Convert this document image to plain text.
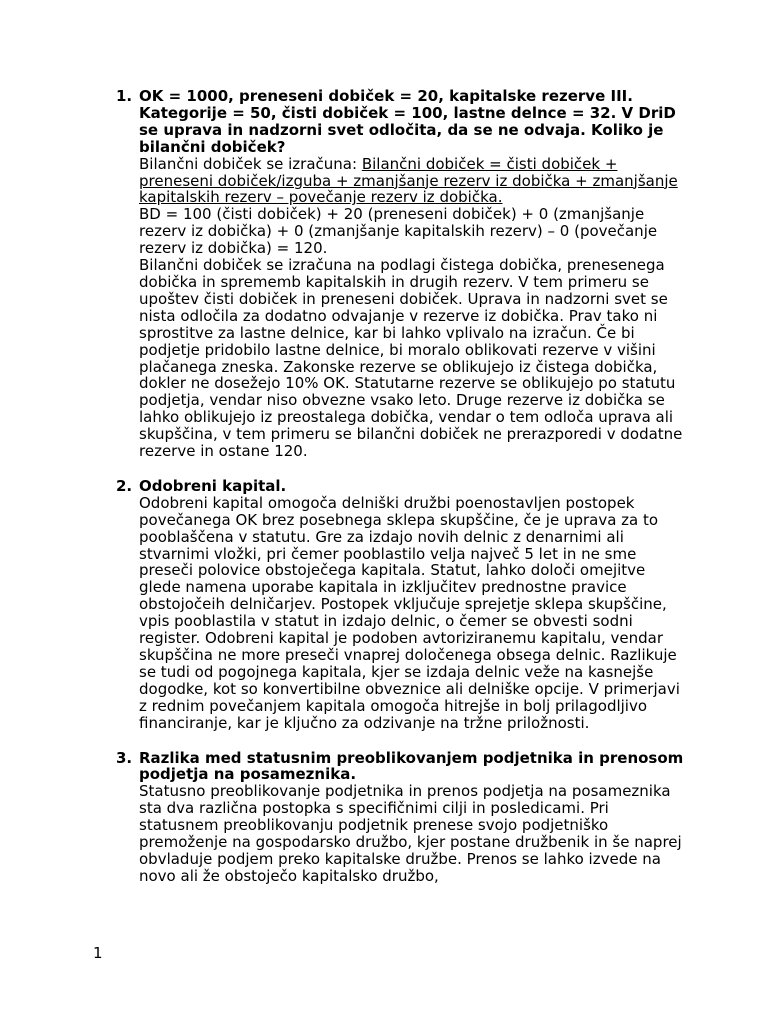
1. OK = 1000, preneseni dobiček = 20, kapitalske rezerve III. Kategorije = 50, čisti dobiček = 100, lastne delnce = 32. V DriD se uprava in nadzorni svet odločita, da se ne odvaja. Koliko je bilančni dobiček?
Bilančni dobiček se izračuna: Bilančni dobiček = čisti dobiček + preneseni dobiček/izguba + zmanjšanje rezerv iz dobička + zmanjšanje kapitalskih rezerv – povečanje rezerv iz dobička.
BD = 100 (čisti dobiček) + 20 (preneseni dobiček) + 0 (zmanjšanje rezerv iz dobička) + 0 (zmanjšanje kapitalskih rezerv) – 0 (povečanje rezerv iz dobička) = 120.
Bilančni dobiček se izračuna na podlagi čistega dobička, prenesenega dobička in sprememb kapitalskih in drugih rezerv. V tem primeru se upoštev čisti dobiček in preneseni dobiček. Uprava in nadzorni svet se nista odločila za dodatno odvajanje v rezerve iz dobička. Prav tako ni sprostitve za lastne delnice, kar bi lahko vplivalo na izračun. Če bi podjetje pridobilo lastne delnice, bi moralo oblikovati rezerve v višini plačanega zneska. Zakonske rezerve se oblikujejo iz čistega dobička, dokler ne dosežejo 10% OK. Statutarne rezerve se oblikujejo po statutu podjetja, vendar niso obvezne vsako leto. Druge rezerve iz dobička se lahko oblikujejo iz preostalega dobička, vendar o tem odloča uprava ali skupščina, v tem primeru se bilančni dobiček ne prerazporedi v dodatne rezerve in ostane 120.
2. Odobreni kapital.
Odobreni kapital omogoča delniški družbi poenostavljen postopek povečanega OK brez posebnega sklepa skupščine, če je uprava za to pooblaščena v statutu. Gre za izdajo novih delnic z denarnimi ali stvarnimi vložki, pri čemer pooblastilo velja največ 5 let in ne sme preseči polovice obstoječega kapitala. Statut, lahko določi omejitve glede namena uporabe kapitala in izključitev prednostne pravice obstojočeih delničarjev. Postopek vključuje sprejetje sklepa skupščine, vpis pooblastila v statut in izdajo delnic, o čemer se obvesti sodni register. Odobreni kapital je podoben avtoriziranemu kapitalu, vendar skupščina ne more preseči vnaprej določenega obsega delnic. Razlikuje se tudi od pogojnega kapitala, kjer se izdaja delnic veže na kasnejše dogodke, kot so konvertibilne obveznice ali delniške opcije. V primerjavi z rednim povečanjem kapitala omogoča hitrejše in bolj prilagodljivo financiranje, kar je ključno za odzivanje na tržne priložnosti.
3. Razlika med statusnim preoblikovanjem podjetnika in prenosom podjetja na posameznika.
Statusno preoblikovanje podjetnika in prenos podjetja na posameznika sta dva različna postopka s specifičnimi cilji in posledicami. Pri statusnem preoblikovanju podjetnik prenese svojo podjetniško premoženje na gospodarsko družbo, kjer postane družbenik in še naprej obvladuje podjem preko kapitalske družbe. Prenos se lahko izvede na novo ali že obstoječo kapitalsko družbo,
1
